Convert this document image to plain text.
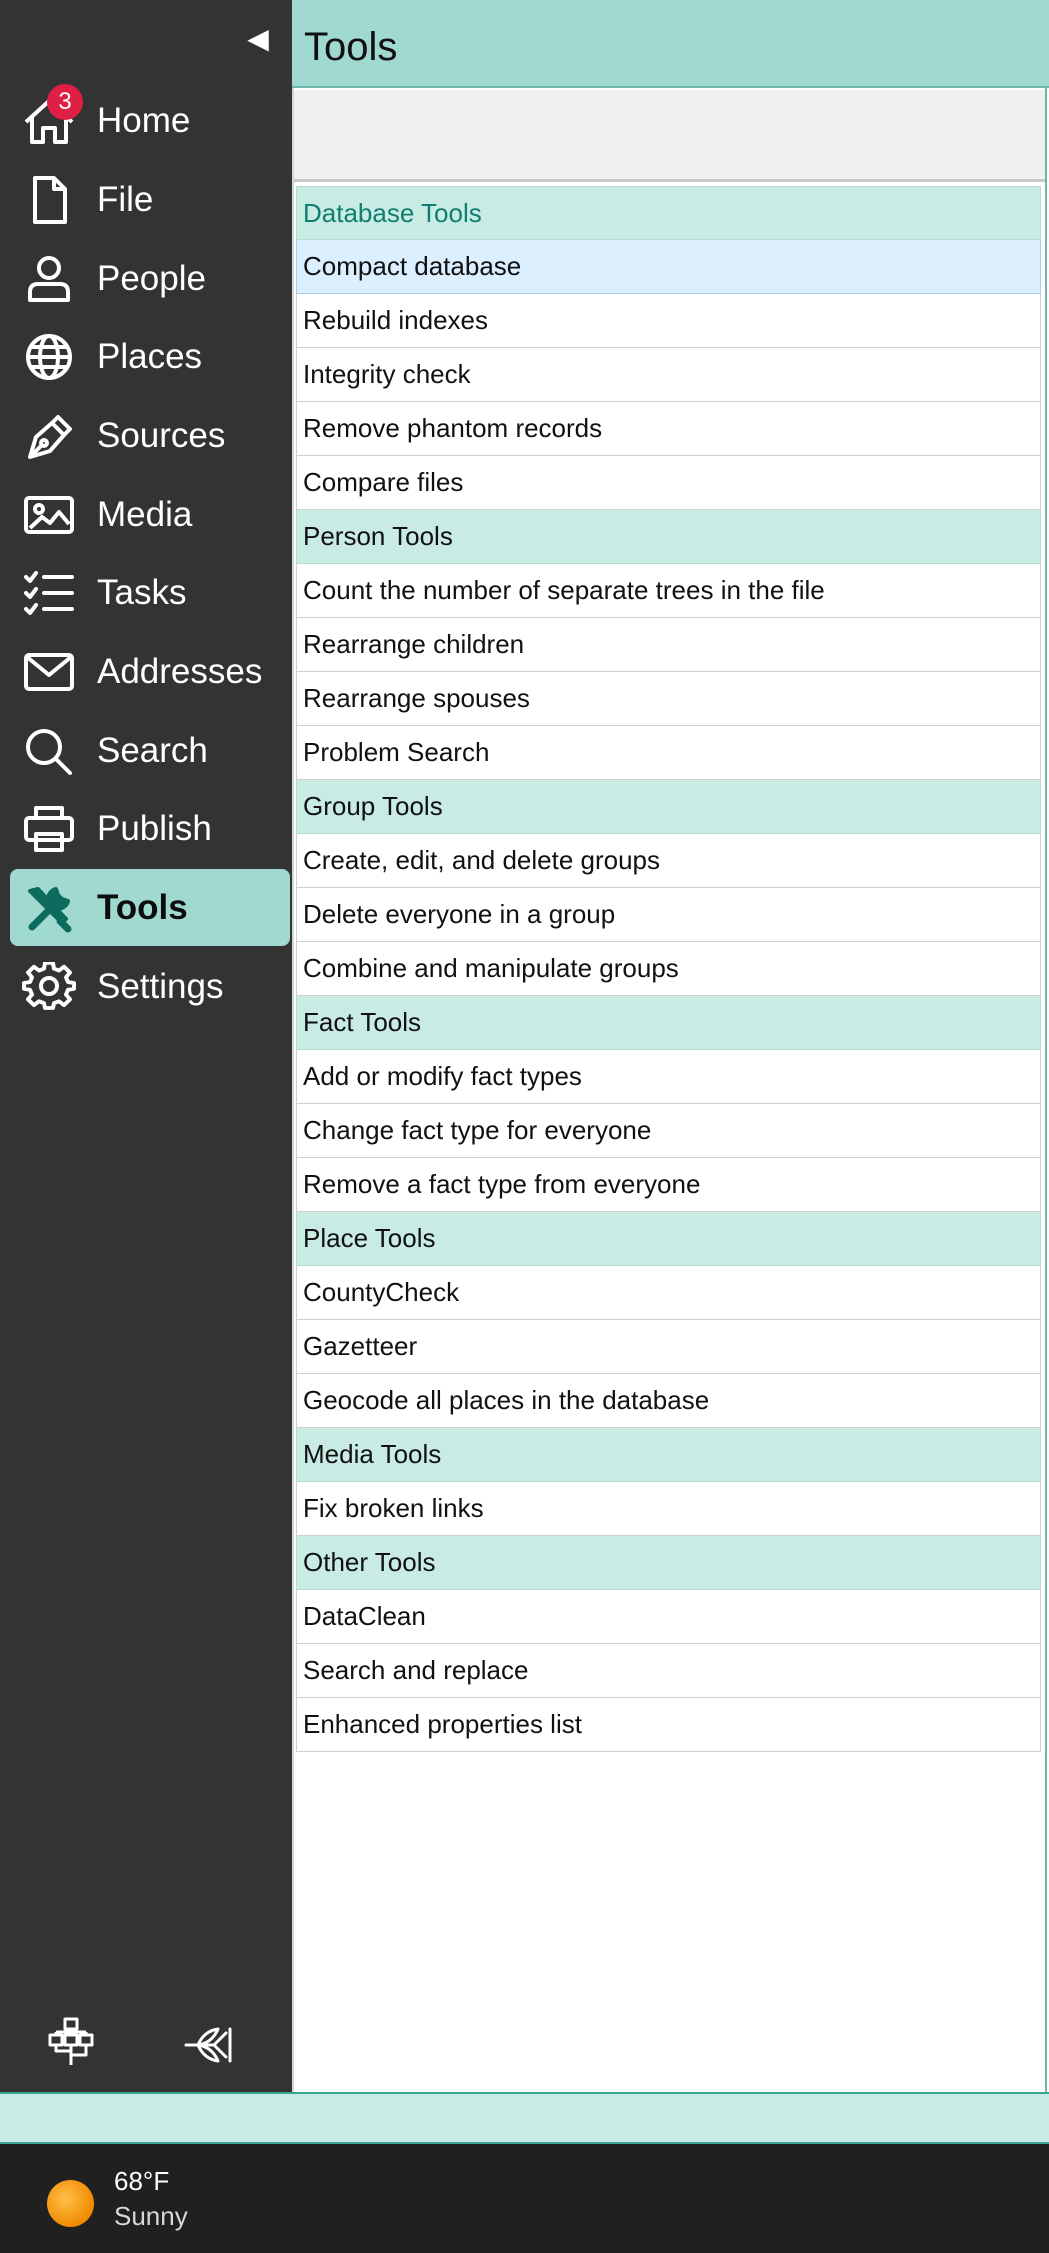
◀
Home
File
People
Places
Sources
Media
Tasks
Addresses
Search
Publish
Tools
Settings
3
Tools
Database Tools
Compact database
Rebuild indexes
Integrity check
Remove phantom records
Compare files
Person Tools
Count the number of separate trees in the file
Rearrange children
Rearrange spouses
Problem Search
Group Tools
Create, edit, and delete groups
Delete everyone in a group
Combine and manipulate groups
Fact Tools
Add or modify fact types
Change fact type for everyone
Remove a fact type from everyone
Place Tools
CountyCheck
Gazetteer
Geocode all places in the database
Media Tools
Fix broken links
Other Tools
DataClean
Search and replace
Enhanced properties list
68°F
Sunny
